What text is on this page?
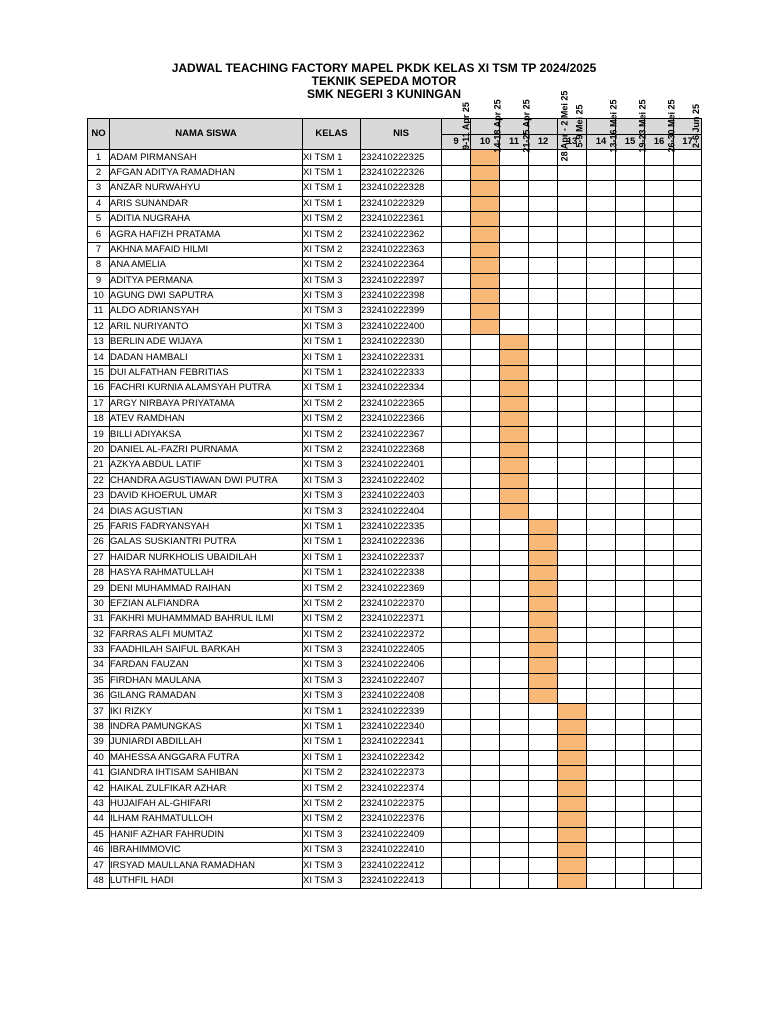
JADWAL TEACHING FACTORY MAPEL PKDK KELAS XI TSM TP 2024/2025
TEKNIK SEPEDA MOTOR
SMK NEGERI 3 KUNINGAN
NO	NAMA SISWA	KELAS	NIS	9-11 Apr 25	14-18 Apr 25	21-25 Apr 25	28 Apr - 2 Mei 25	5-9 Mei 25	13-16 Mei 25	19-23 Mei 25	26-30 Mei 25	2-6 Jun 25
				9	10	11	12	13	14	15	16	17
1	ADAM PIRMANSAH	XI TSM 1	232410222325									
2	AFGAN ADITYA RAMADHAN	XI TSM 1	232410222326									
3	ANZAR NURWAHYU	XI TSM 1	232410222328									
4	ARIS SUNANDAR	XI TSM 1	232410222329									
5	ADITIA NUGRAHA	XI TSM 2	232410222361									
6	AGRA HAFIZH PRATAMA	XI TSM 2	232410222362									
7	AKHNA MAFAID HILMI	XI TSM 2	232410222363									
8	ANA AMELIA	XI TSM 2	232410222364									
9	ADITYA PERMANA	XI TSM 3	232410222397									
10	AGUNG DWI SAPUTRA	XI TSM 3	232410222398									
11	ALDO ADRIANSYAH	XI TSM 3	232410222399									
12	ARIL NURIYANTO	XI TSM 3	232410222400									
13	BERLIN ADE WIJAYA	XI TSM 1	232410222330									
14	DADAN HAMBALI	XI TSM 1	232410222331									
15	DUI ALFATHAN FEBRITIAS	XI TSM 1	232410222333									
16	FACHRI KURNIA ALAMSYAH PUTRA	XI TSM 1	232410222334									
17	ARGY NIRBAYA PRIYATAMA	XI TSM 2	232410222365									
18	ATEV RAMDHAN	XI TSM 2	232410222366									
19	BILLI ADIYAKSA	XI TSM 2	232410222367									
20	DANIEL AL-FAZRI PURNAMA	XI TSM 2	232410222368									
21	AZKYA ABDUL LATIF	XI TSM 3	232410222401									
22	CHANDRA AGUSTIAWAN DWI PUTRA	XI TSM 3	232410222402									
23	DAVID KHOERUL UMAR	XI TSM 3	232410222403									
24	DIAS AGUSTIAN	XI TSM 3	232410222404									
25	FARIS FADRYANSYAH	XI TSM 1	232410222335									
26	GALAS SUSKIANTRI PUTRA	XI TSM 1	232410222336									
27	HAIDAR NURKHOLIS UBAIDILAH	XI TSM 1	232410222337									
28	HASYA RAHMATULLAH	XI TSM 1	232410222338									
29	DENI MUHAMMAD RAIHAN	XI TSM 2	232410222369									
30	EFZIAN ALFIANDRA	XI TSM 2	232410222370									
31	FAKHRI MUHAMMMAD BAHRUL ILMI	XI TSM 2	232410222371									
32	FARRAS ALFI MUMTAZ	XI TSM 2	232410222372									
33	FAADHILAH SAIFUL BARKAH	XI TSM 3	232410222405									
34	FARDAN FAUZAN	XI TSM 3	232410222406									
35	FIRDHAN MAULANA	XI TSM 3	232410222407									
36	GILANG RAMADAN	XI TSM 3	232410222408									
37	IKI RIZKY	XI TSM 1	232410222339									
38	INDRA PAMUNGKAS	XI TSM 1	232410222340									
39	JUNIARDI ABDILLAH	XI TSM 1	232410222341									
40	MAHESSA ANGGARA FUTRA	XI TSM 1	232410222342									
41	GIANDRA IHTISAM SAHIBAN	XI TSM 2	232410222373									
42	HAIKAL ZULFIKAR AZHAR	XI TSM 2	232410222374									
43	HUJAIFAH AL-GHIFARI	XI TSM 2	232410222375									
44	ILHAM RAHMATULLOH	XI TSM 2	232410222376									
45	HANIF AZHAR FAHRUDIN	XI TSM 3	232410222409									
46	IBRAHIMMOVIC	XI TSM 3	232410222410									
47	IRSYAD MAULLANA RAMADHAN	XI TSM 3	232410222412									
48	LUTHFIL HADI	XI TSM 3	232410222413									
